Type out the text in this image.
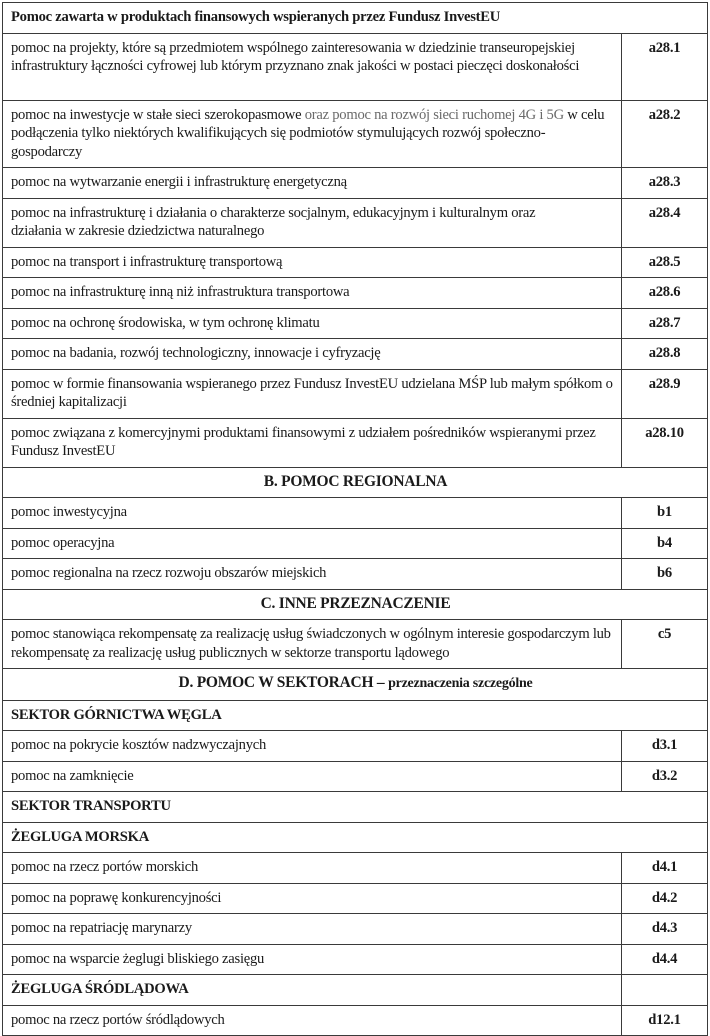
Pomoc zawarta w produktach finansowych wspieranych przez Fundusz InvestEU	
pomoc na projekty, które są przedmiotem wspólnego zainteresowania w dziedzinie transeuropejskiej infrastruktury łączności cyfrowej lub którym przyznano znak jakości w postaci pieczęci doskonałości	a28.1
pomoc na inwestycje w stałe sieci szerokopasmowe oraz pomoc na rozwój sieci ruchomej 4G i 5G w celu podłączenia tylko niektórych kwalifikujących się podmiotów stymulujących rozwój społeczno-gospodarczy	a28.2
pomoc na wytwarzanie energii i infrastrukturę energetyczną	a28.3

pomoc na infrastrukturę i działania o charakterze socjalnym, edukacyjnym i kulturalnym oraz działania w zakresie dziedzictwa naturalnego	a28.4
pomoc na transport i infrastrukturę transportową	a28.5
pomoc na infrastrukturę inną niż infrastruktura transportowa	a28.6
pomoc na ochronę środowiska, w tym ochronę klimatu	a28.7
pomoc na badania, rozwój technologiczny, innowacje i cyfryzację	a28.8
pomoc w formie finansowania wspieranego przez Fundusz InvestEU udzielana MŚP lub małym spółkom o średniej kapitalizacji	a28.9
pomoc związana z komercyjnymi produktami finansowymi z udziałem pośredników wspieranymi przez Fundusz InvestEU	a28.10
B. POMOC REGIONALNA	
pomoc inwestycyjna	b1
pomoc operacyjna	b4
pomoc regionalna na rzecz rozwoju obszarów miejskich	b6
C. INNE PRZEZNACZENIE	
pomoc stanowiąca rekompensatę za realizację usług świadczonych w ogólnym interesie gospodarczym lub rekompensatę za realizację usług publicznych w sektorze transportu lądowego	c5
D. POMOC W SEKTORACH – przeznaczenia szczególne	
SEKTOR GÓRNICTWA WĘGLA	
pomoc na pokrycie kosztów nadzwyczajnych	d3.1
pomoc na zamknięcie	d3.2
SEKTOR TRANSPORTU	
ŻEGLUGA MORSKA	
pomoc na rzecz portów morskich	d4.1
pomoc na poprawę konkurencyjności	d4.2
pomoc na repatriację marynarzy	d4.3
pomoc na wsparcie żeglugi bliskiego zasięgu	d4.4
ŻEGLUGA ŚRÓDLĄDOWA	
pomoc na rzecz portów śródlądowych	d12.1
